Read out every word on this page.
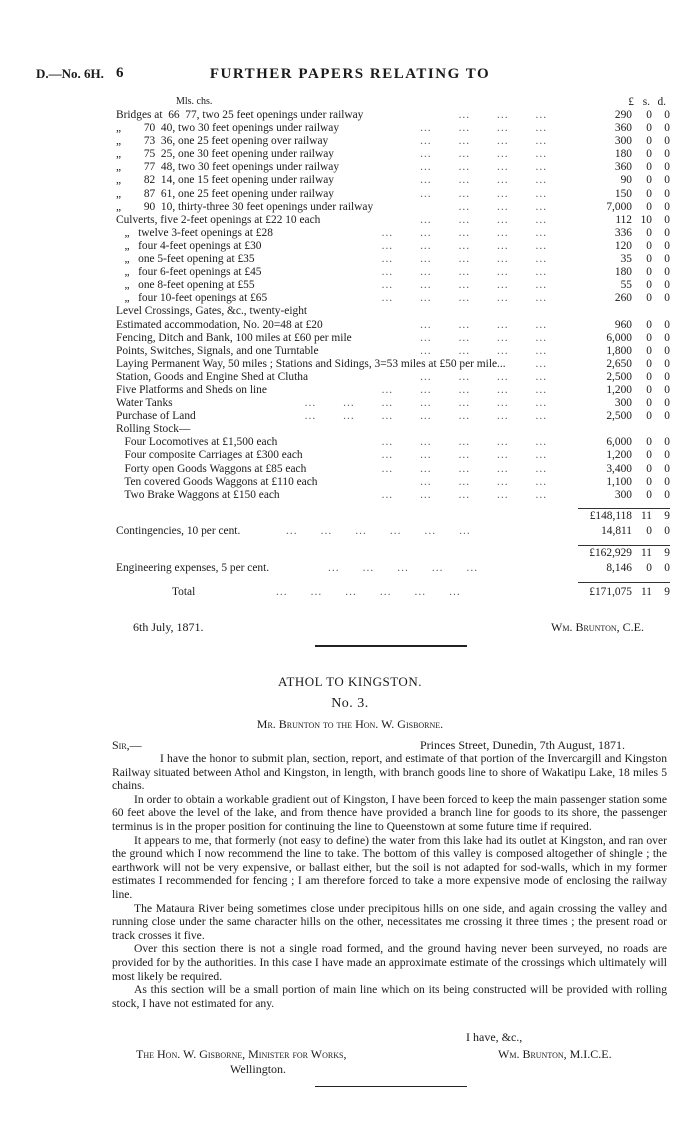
D.—No. 6H. 6	FURTHER PAPERS RELATING TO
Mls. chs.	£ s. d.
Bridges at  66  77, two 25 feet openings under railway	...       ...       ...	290 0 0
„        70  40, two 30 feet openings under railway	...       ...       ...       ...	360 0 0
„        73  36, one 25 feet opening over railway	...       ...       ...       ...	300 0 0
„        75  25, one 30 feet opening under railway	...       ...       ...       ...	180 0 0
„        77  48, two 30 feet openings under railway	...       ...       ...       ...	360 0 0
„        82  14, one 15 feet opening under railway	...       ...       ...       ...	90 0 0
„        87  61, one 25 feet opening under railway	...       ...       ...       ...	150 0 0
„        90  10, thirty-three 30 feet openings under railway	...       ...       ...	7,000 0 0
Culverts, five 2-feet openings at £22 10 each	...       ...       ...       ...	112 10 0
„   twelve 3-feet openings at £28	...       ...       ...       ...       ...	336 0 0
„   four 4-feet openings at £30	...       ...       ...       ...       ...	120 0 0
„   one 5-feet opening at £35	...       ...       ...       ...       ...	35 0 0
„   four 6-feet openings at £45	...       ...       ...       ...       ...	180 0 0
„   one 8-feet opening at £55	...       ...       ...       ...       ...	55 0 0
„   four 10-feet openings at £65	...       ...       ...       ...       ...	260 0 0
Level Crossings, Gates, &c., twenty-eight
Estimated accommodation, No. 20=48 at £20	...       ...       ...       ...	960 0 0
Fencing, Ditch and Bank, 100 miles at £60 per mile	...       ...       ...       ...	6,000 0 0
Points, Switches, Signals, and one Turntable	...       ...       ...       ...	1,800 0 0
Laying Permanent Way, 50 miles ; Stations and Sidings, 3=53 miles at £50 per mile...	...	2,650 0 0
Station, Goods and Engine Shed at Clutha	...       ...       ...       ...	2,500 0 0
Five Platforms and Sheds on line	...       ...       ...       ...       ...	1,200 0 0
Water Tanks	...       ...       ...       ...       ...       ...       ...	300 0 0
Purchase of Land	...       ...       ...       ...       ...       ...       ...	2,500 0 0
Rolling Stock—
Four Locomotives at £1,500 each	...       ...       ...       ...       ...	6,000 0 0
Four composite Carriages at £300 each	...       ...       ...       ...       ...	1,200 0 0
Forty open Goods Waggons at £85 each	...       ...       ...       ...       ...	3,400 0 0
Ten covered Goods Waggons at £110 each	...       ...       ...       ...	1,100 0 0
Two Brake Waggons at £150 each	...       ...       ...       ...       ...	300 0 0
£148,118 11 9
Contingencies, 10 per cent.	...      ...      ...      ...      ...      ...	14,811 0 0
£162,929 11 9
Engineering expenses, 5 per cent.	...      ...      ...      ...      ...	8,146 0 0
Total	...      ...      ...      ...      ...      ...	£171,075 11 9
6th July, 1871.	Wm. Brunton, C.E.
ATHOL TO KINGSTON.
No. 3.
Mr. Brunton to the Hon. W. Gisborne.
Sir,—	Princes Street, Dunedin, 7th August, 1871.

I have the honor to submit plan, section, report, and estimate of that portion of the Invercargill and Kingston Railway situated between Athol and Kingston, in length, with branch goods line to shore of Wakatipu Lake, 18 miles 5 chains.

In order to obtain a workable gradient out of Kingston, I have been forced to keep the main passenger station some 60 feet above the level of the lake, and from thence have provided a branch line for goods to its shore, the passenger terminus is in the proper position for continuing the line to Queenstown at some future time if required.

It appears to me, that formerly (not easy to define) the water from this lake had its outlet at Kingston, and ran over the ground which I now recommend the line to take. The bottom of this valley is composed altogether of shingle ; the earthwork will not be very expensive, or ballast either, but the soil is not adapted for sod-walls, which in my former estimates I recommended for fencing ; I am therefore forced to take a more expensive mode of enclosing the railway line.

The Mataura River being sometimes close under precipitous hills on one side, and again crossing the valley and running close under the same character hills on the other, necessitates me crossing it three times ; the present road or track crosses it five.

Over this section there is not a single road formed, and the ground having never been surveyed, no roads are provided for by the authorities. In this case I have made an approximate estimate of the crossings which ultimately will most likely be required.

As this section will be a small portion of main line which on its being constructed will be provided with rolling stock, I have not estimated for any.

I have, &c.,
The Hon. W. Gisborne, Minister for Works,	Wm. Brunton, M.I.C.E.
Wellington.
